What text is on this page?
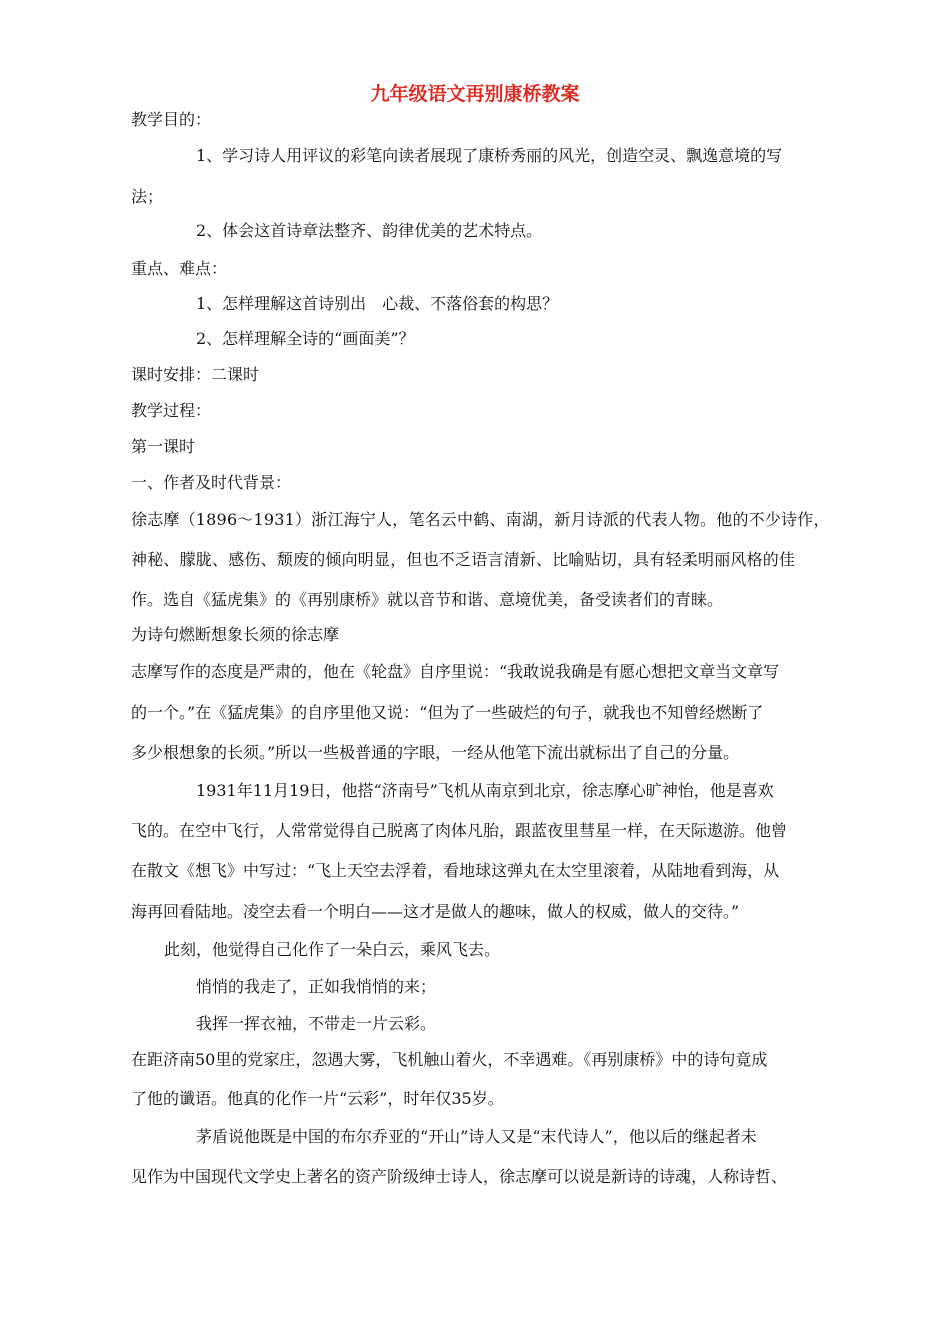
九年级语文再别康桥教案
教学目的：
1、学习诗人用评议的彩笔向读者展现了康桥秀丽的风光，创造空灵、飘逸意境的写
法；
2、体会这首诗章法整齐、韵律优美的艺术特点。
重点、难点：
1、怎样理解这首诗别出　心裁、不落俗套的构思？
2、怎样理解全诗的“画面美”？
课时安排：二课时
教学过程：
第一课时
一、作者及时代背景：
徐志摩（1896～1931）浙江海宁人，笔名云中鹤、南湖，新月诗派的代表人物。他的不少诗作，
神秘、朦胧、感伤、颓废的倾向明显，但也不乏语言清新、比喻贴切，具有轻柔明丽风格的佳
作。选自《猛虎集》的《再别康桥》就以音节和谐、意境优美，备受读者们的青睐。
为诗句燃断想象长须的徐志摩
志摩写作的态度是严肃的，他在《轮盘》自序里说：“我敢说我确是有愿心想把文章当文章写
的一个。”在《猛虎集》的自序里他又说：“但为了一些破烂的句子，就我也不知曾经燃断了
多少根想象的长须。”所以一些极普通的字眼，一经从他笔下流出就标出了自己的分量。
1931年11月19日，他搭“济南号”飞机从南京到北京，徐志摩心旷神怡，他是喜欢
飞的。在空中飞行，人常常觉得自己脱离了肉体凡胎，跟蓝夜里彗星一样，在天际遨游。他曾
在散文《想飞》中写过：“飞上天空去浮着，看地球这弹丸在太空里滚着，从陆地看到海，从
海再回看陆地。凌空去看一个明白——这才是做人的趣味，做人的权威，做人的交待。”
此刻，他觉得自己化作了一朵白云，乘风飞去。
悄悄的我走了，正如我悄悄的来；
我挥一挥衣袖，不带走一片云彩。
在距济南50里的党家庄，忽遇大雾，飞机触山着火，不幸遇难。《再别康桥》中的诗句竟成
了他的谶语。他真的化作一片“云彩”，时年仅35岁。
茅盾说他既是中国的布尔乔亚的“开山”诗人又是“末代诗人”，他以后的继起者未
见作为中国现代文学史上著名的资产阶级绅士诗人，徐志摩可以说是新诗的诗魂，人称诗哲、
